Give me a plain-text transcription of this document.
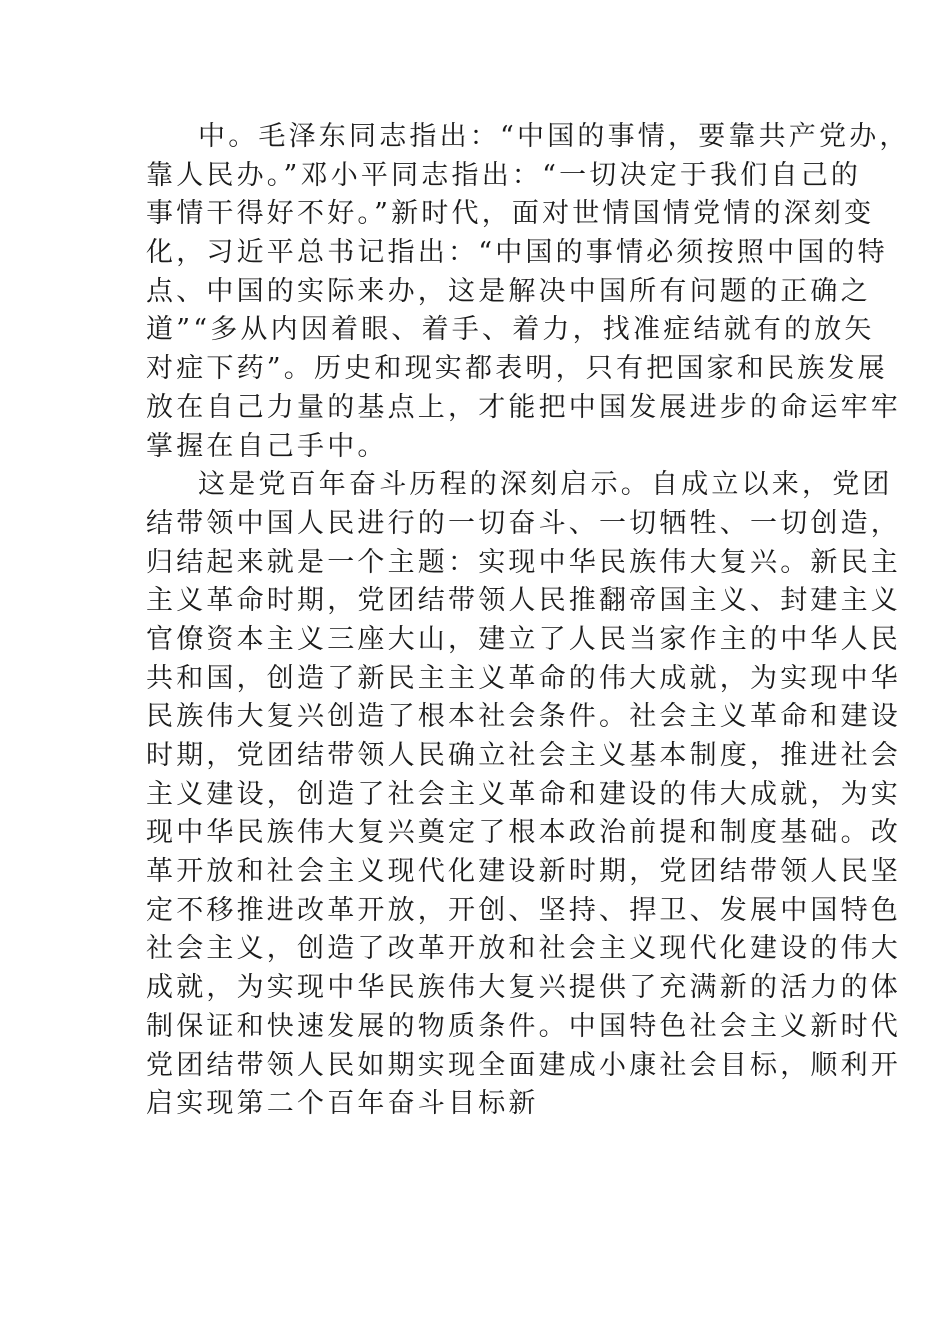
中。毛泽东同志指出：“中国的事情，要靠共产党办，
靠人民办。”邓小平同志指出：“一切决定于我们自己的
事情干得好不好。”新时代，面对世情国情党情的深刻变
化，习近平总书记指出：“中国的事情必须按照中国的特
点、中国的实际来办，这是解决中国所有问题的正确之
道”“多从内因着眼、着手、着力，找准症结就有的放矢
对症下药”。历史和现实都表明，只有把国家和民族发展
放在自己力量的基点上，才能把中国发展进步的命运牢牢
掌握在自己手中。
这是党百年奋斗历程的深刻启示。自成立以来，党团
结带领中国人民进行的一切奋斗、一切牺牲、一切创造，
归结起来就是一个主题：实现中华民族伟大复兴。新民主
主义革命时期，党团结带领人民推翻帝国主义、封建主义
官僚资本主义三座大山，建立了人民当家作主的中华人民
共和国，创造了新民主主义革命的伟大成就，为实现中华
民族伟大复兴创造了根本社会条件。社会主义革命和建设
时期，党团结带领人民确立社会主义基本制度，推进社会
主义建设，创造了社会主义革命和建设的伟大成就，为实
现中华民族伟大复兴奠定了根本政治前提和制度基础。改
革开放和社会主义现代化建设新时期，党团结带领人民坚
定不移推进改革开放，开创、坚持、捍卫、发展中国特色
社会主义，创造了改革开放和社会主义现代化建设的伟大
成就，为实现中华民族伟大复兴提供了充满新的活力的体
制保证和快速发展的物质条件。中国特色社会主义新时代
党团结带领人民如期实现全面建成小康社会目标，顺利开
启实现第二个百年奋斗目标新
